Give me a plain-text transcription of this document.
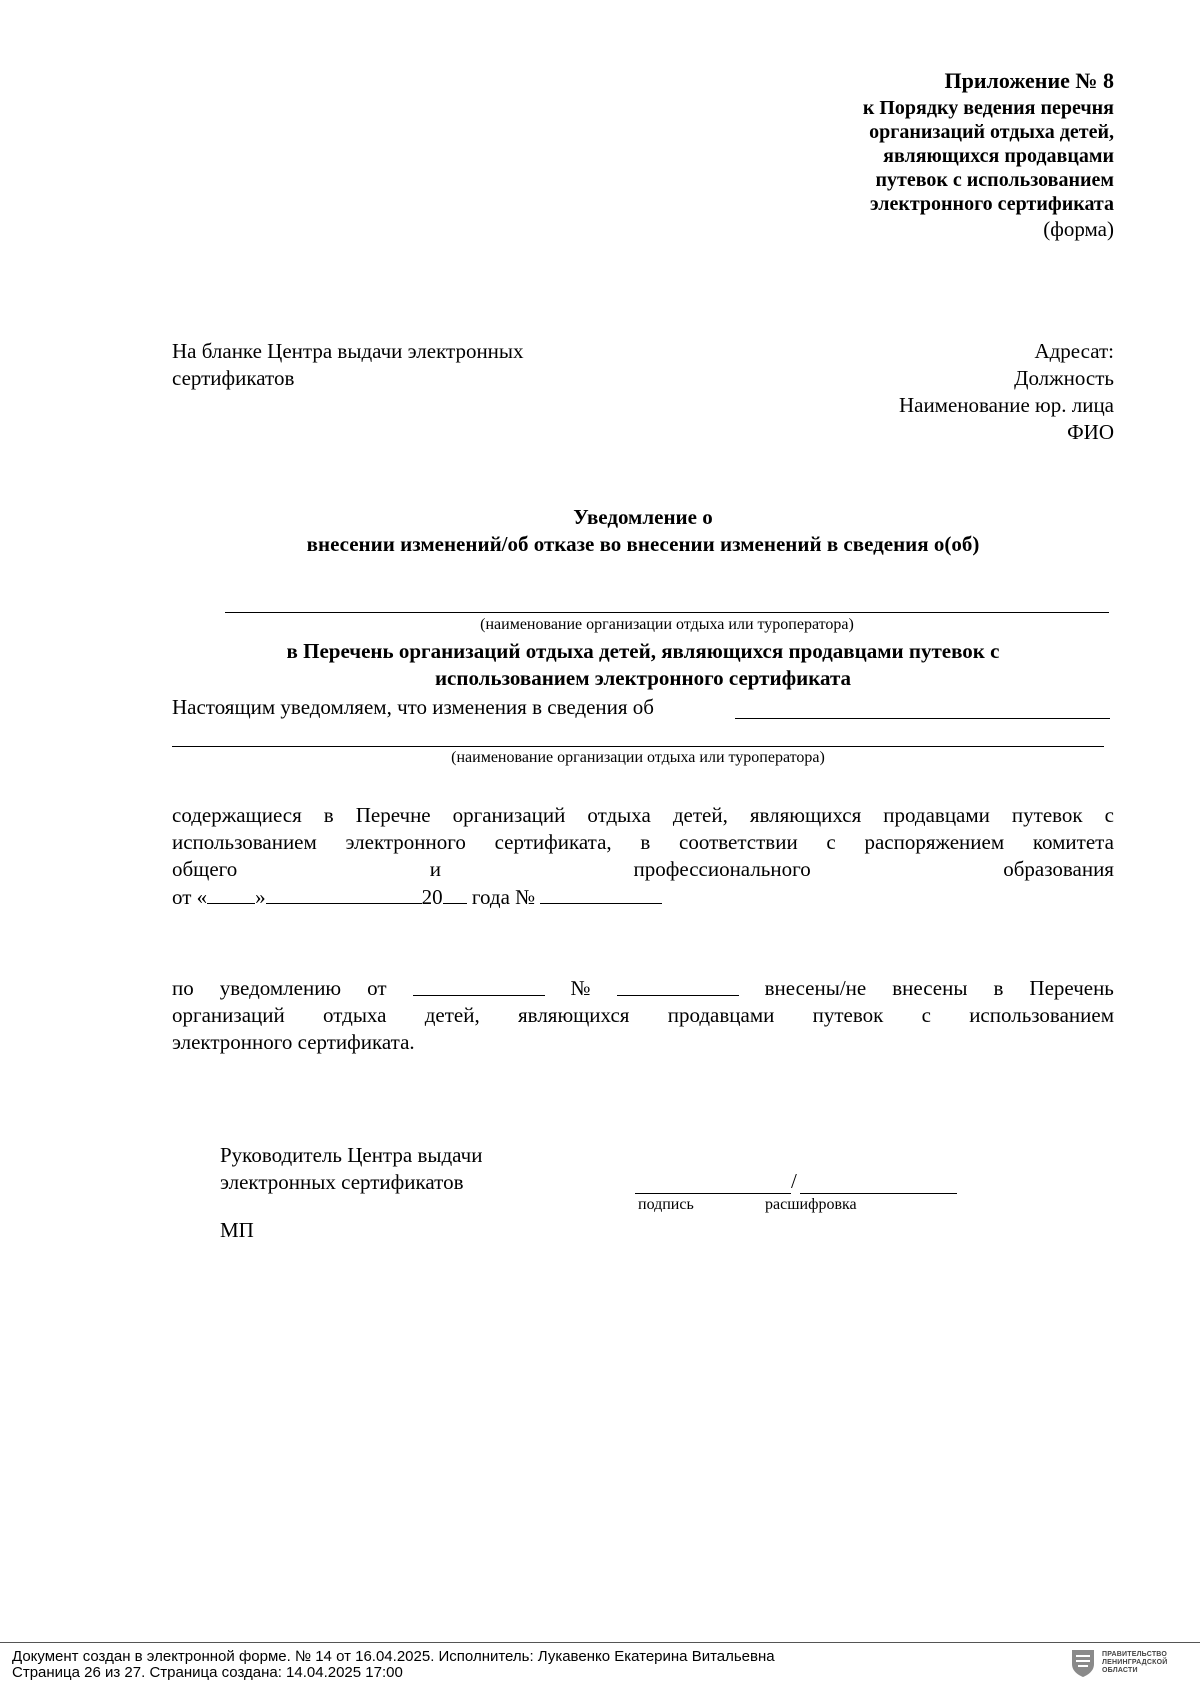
Приложение № 8
к Порядку ведения перечня
организаций отдыха детей,
являющихся продавцами
путевок с использованием
электронного сертификата
(форма)
На бланке Центра выдачи электронных
сертификатов
Адресат:
Должность
Наименование юр. лица
ФИО
Уведомление о
внесении изменений/об отказе во внесении изменений в сведения о(об)
(наименование организации отдыха или туроператора)
в Перечень организаций отдыха детей, являющихся продавцами путевок с
использованием электронного сертификата
Настоящим уведомляем, что изменения в сведения об
(наименование организации отдыха или туроператора)
содержащиеся в Перечне организаций отдыха детей, являющихся продавцами путевок с
использованием электронного сертификата, в соответствии с распоряжением комитета
общего	и	профессионального	образования
от « »	20 года №
по уведомлению от	№	внесены/не внесены в Перечень
организаций отдыха детей, являющихся продавцами путевок с использованием
электронного сертификата.
Руководитель Центра выдачи
электронных сертификатов	/
подпись	расшифровка
МП
Документ создан в электронной форме. № 14 от 16.04.2025. Исполнитель: Лукавенко Екатерина Витальевна
Страница 26 из 27. Страница создана: 14.04.2025 17:00
ПРАВИТЕЛЬСТВО
ЛЕНИНГРАДСКОЙ
ОБЛАСТИ
